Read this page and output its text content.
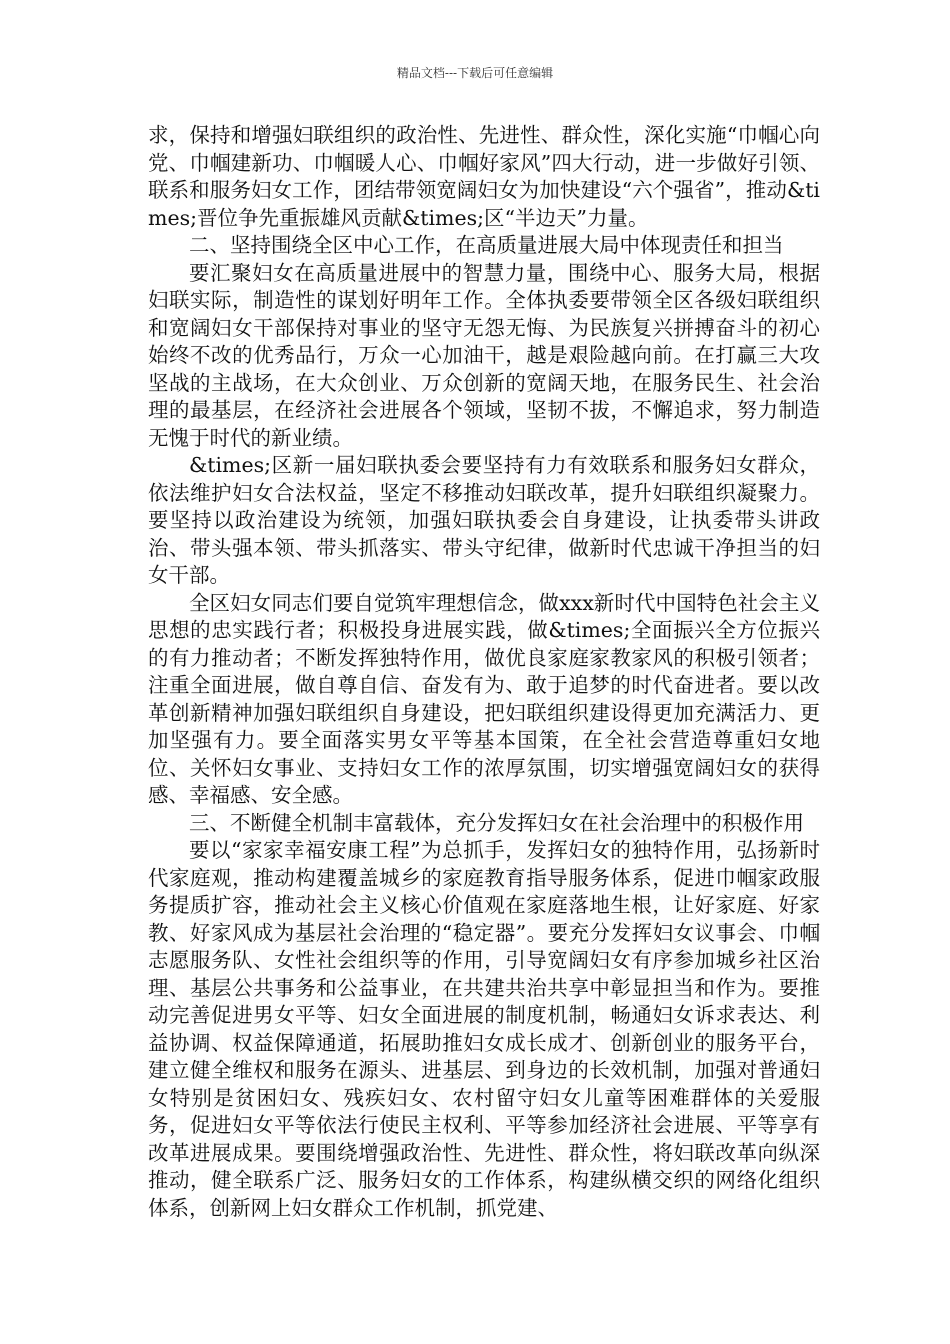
精品文档---下载后可任意编辑

求，保持和增强妇联组织的政治性、先进性、群众性，深化实施“巾帼心向党、巾帼建新功、巾帼暖人心、巾帼好家风”四大行动，进一步做好引领、联系和服务妇女工作，团结带领宽阔妇女为加快建设“六个强省”，推动&times;晋位争先重振雄风贡献&times;区“半边天”力量。

二、坚持围绕全区中心工作，在高质量进展大局中体现责任和担当

要汇聚妇女在高质量进展中的智慧力量，围绕中心、服务大局，根据妇联实际，制造性的谋划好明年工作。全体执委要带领全区各级妇联组织和宽阔妇女干部保持对事业的坚守无怨无悔、为民族复兴拼搏奋斗的初心始终不改的优秀品行，万众一心加油干，越是艰险越向前。在打赢三大攻坚战的主战场，在大众创业、万众创新的宽阔天地，在服务民生、社会治理的最基层，在经济社会进展各个领域，坚韧不拔，不懈追求，努力制造无愧于时代的新业绩。

&times;区新一届妇联执委会要坚持有力有效联系和服务妇女群众，依法维护妇女合法权益，坚定不移推动妇联改革，提升妇联组织凝聚力。要坚持以政治建设为统领，加强妇联执委会自身建设，让执委带头讲政治、带头强本领、带头抓落实、带头守纪律，做新时代忠诚干净担当的妇女干部。

全区妇女同志们要自觉筑牢理想信念，做xxx新时代中国特色社会主义思想的忠实践行者；积极投身进展实践，做&times;全面振兴全方位振兴的有力推动者；不断发挥独特作用，做优良家庭家教家风的积极引领者；注重全面进展，做自尊自信、奋发有为、敢于追梦的时代奋进者。要以改革创新精神加强妇联组织自身建设，把妇联组织建设得更加充满活力、更加坚强有力。要全面落实男女平等基本国策，在全社会营造尊重妇女地位、关怀妇女事业、支持妇女工作的浓厚氛围，切实增强宽阔妇女的获得感、幸福感、安全感。

三、不断健全机制丰富载体，充分发挥妇女在社会治理中的积极作用

要以“家家幸福安康工程”为总抓手，发挥妇女的独特作用，弘扬新时代家庭观，推动构建覆盖城乡的家庭教育指导服务体系，促进巾帼家政服务提质扩容，推动社会主义核心价值观在家庭落地生根，让好家庭、好家教、好家风成为基层社会治理的“稳定器”。要充分发挥妇女议事会、巾帼志愿服务队、女性社会组织等的作用，引导宽阔妇女有序参加城乡社区治理、基层公共事务和公益事业，在共建共治共享中彰显担当和作为。要推动完善促进男女平等、妇女全面进展的制度机制，畅通妇女诉求表达、利益协调、权益保障通道，拓展助推妇女成长成才、创新创业的服务平台，建立健全维权和服务在源头、进基层、到身边的长效机制，加强对普通妇女特别是贫困妇女、残疾妇女、农村留守妇女儿童等困难群体的关爱服务，促进妇女平等依法行使民主权利、平等参加经济社会进展、平等享有改革进展成果。要围绕增强政治性、先进性、群众性，将妇联改革向纵深推动，健全联系广泛、服务妇女的工作体系，构建纵横交织的网络化组织体系，创新网上妇女群众工作机制，抓党建、
